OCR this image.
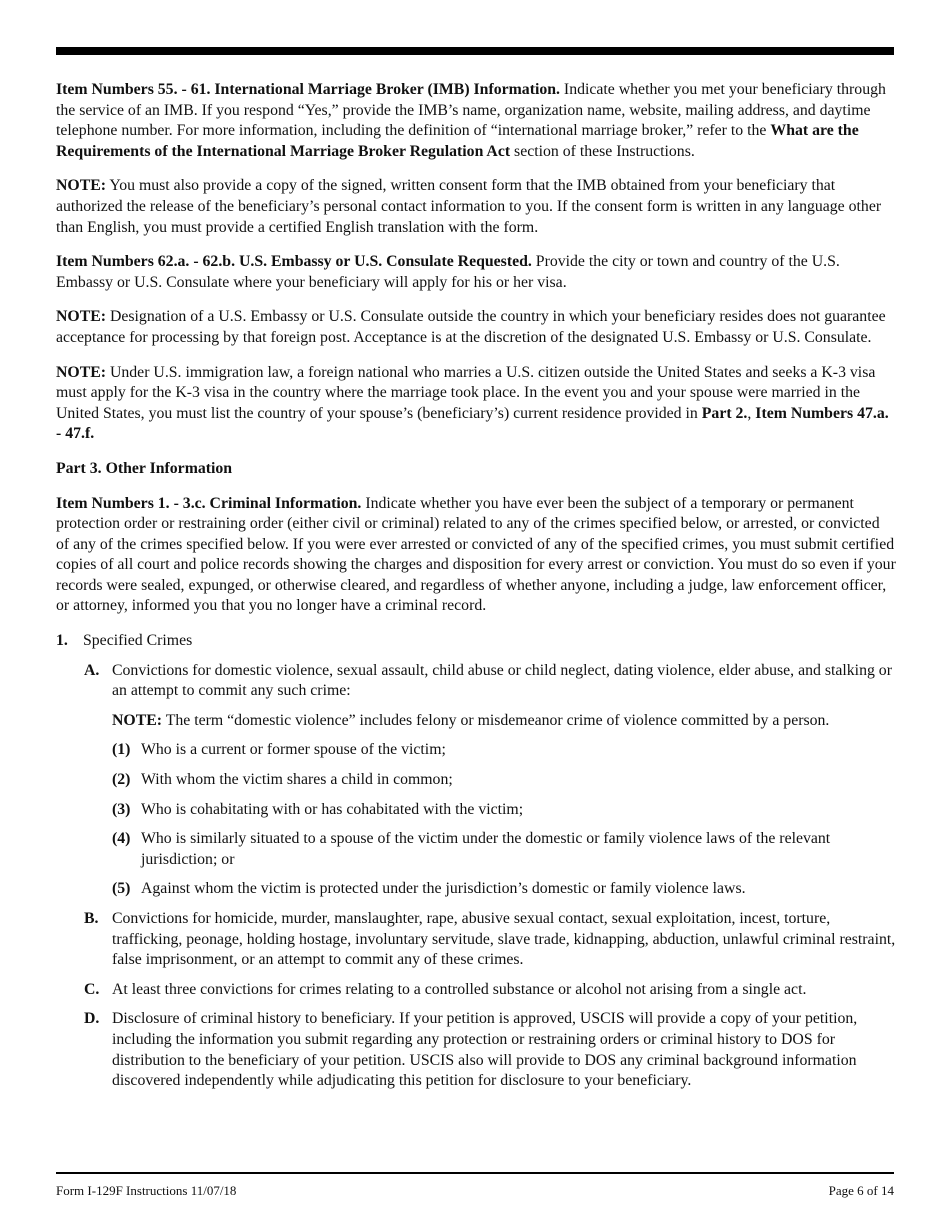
Item Numbers 55. - 61. International Marriage Broker (IMB) Information. Indicate whether you met your beneficiary through the service of an IMB. If you respond “Yes,” provide the IMB’s name, organization name, website, mailing address, and daytime telephone number. For more information, including the definition of “international marriage broker,” refer to the What are the Requirements of the International Marriage Broker Regulation Act section of these Instructions.

NOTE: You must also provide a copy of the signed, written consent form that the IMB obtained from your beneficiary that authorized the release of the beneficiary’s personal contact information to you. If the consent form is written in any language other than English, you must provide a certified English translation with the form.

Item Numbers 62.a. - 62.b. U.S. Embassy or U.S. Consulate Requested. Provide the city or town and country of the U.S. Embassy or U.S. Consulate where your beneficiary will apply for his or her visa.

NOTE: Designation of a U.S. Embassy or U.S. Consulate outside the country in which your beneficiary resides does not guarantee acceptance for processing by that foreign post. Acceptance is at the discretion of the designated U.S. Embassy or U.S. Consulate.

NOTE: Under U.S. immigration law, a foreign national who marries a U.S. citizen outside the United States and seeks a K-3 visa must apply for the K-3 visa in the country where the marriage took place. In the event you and your spouse were married in the United States, you must list the country of your spouse’s (beneficiary’s) current residence provided in Part 2., Item Numbers 47.a. - 47.f.

Part 3. Other Information

Item Numbers 1. - 3.c. Criminal Information. Indicate whether you have ever been the subject of a temporary or permanent protection order or restraining order (either civil or criminal) related to any of the crimes specified below, or arrested, or convicted of any of the crimes specified below. If you were ever arrested or convicted of any of the specified crimes, you must submit certified copies of all court and police records showing the charges and disposition for every arrest or conviction. You must do so even if your records were sealed, expunged, or otherwise cleared, and regardless of whether anyone, including a judge, law enforcement officer, or attorney, informed you that you no longer have a criminal record.

1. Specified Crimes
A. Convictions for domestic violence, sexual assault, child abuse or child neglect, dating violence, elder abuse, and stalking or an attempt to commit any such crime:
NOTE: The term “domestic violence” includes felony or misdemeanor crime of violence committed by a person.
(1) Who is a current or former spouse of the victim;
(2) With whom the victim shares a child in common;
(3) Who is cohabitating with or has cohabitated with the victim;
(4) Who is similarly situated to a spouse of the victim under the domestic or family violence laws of the relevant jurisdiction; or
(5) Against whom the victim is protected under the jurisdiction’s domestic or family violence laws.
B. Convictions for homicide, murder, manslaughter, rape, abusive sexual contact, sexual exploitation, incest, torture, trafficking, peonage, holding hostage, involuntary servitude, slave trade, kidnapping, abduction, unlawful criminal restraint, false imprisonment, or an attempt to commit any of these crimes.
C. At least three convictions for crimes relating to a controlled substance or alcohol not arising from a single act.
D. Disclosure of criminal history to beneficiary. If your petition is approved, USCIS will provide a copy of your petition, including the information you submit regarding any protection or restraining orders or criminal history to DOS for distribution to the beneficiary of your petition. USCIS also will provide to DOS any criminal background information discovered independently while adjudicating this petition for disclosure to your beneficiary.
Form I-129F Instructions 11/07/18	Page 6 of 14
